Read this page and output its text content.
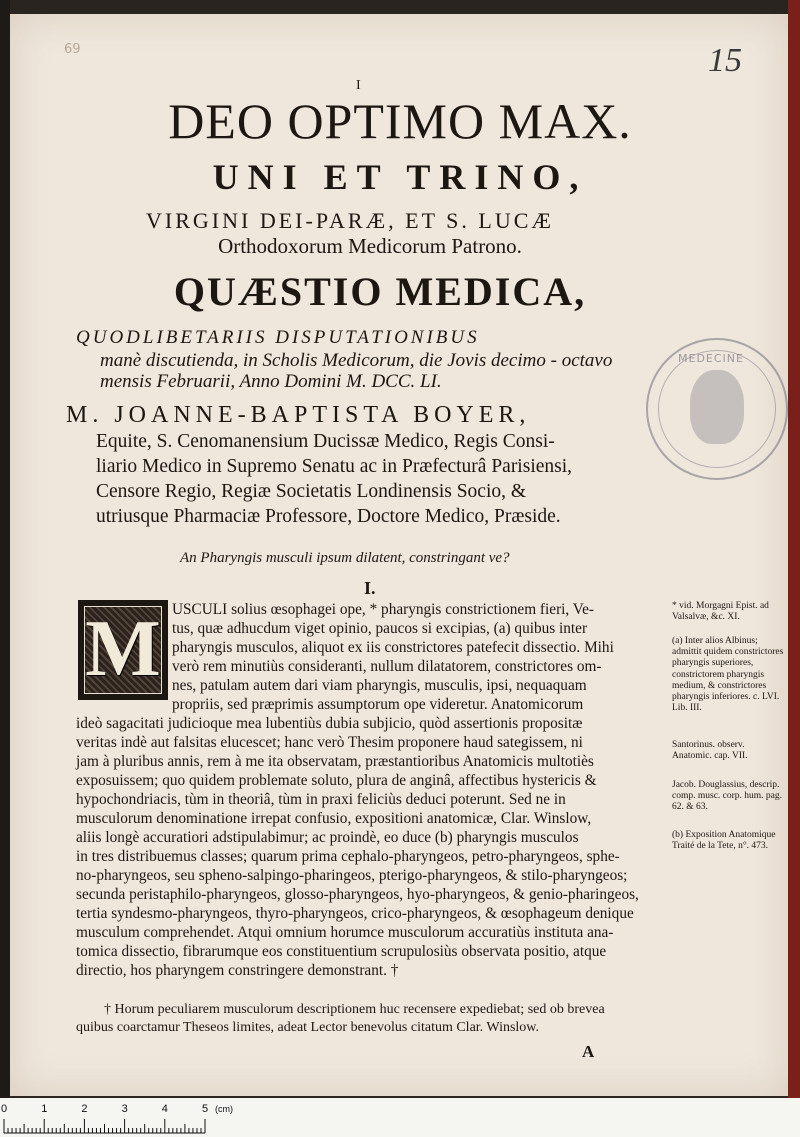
69	15
I
DEO OPTIMO MAX.
UNI ET TRINO,
VIRGINI DEI-PARÆ, ET S. LUCÆ
Orthodoxorum Medicorum Patrono.
QUÆSTIO MEDICA,
QUODLIBETARIIS DISPUTATIONIBUS
manè discutienda, in Scholis Medicorum, die Jovis decimo - octavo
mensis Februarii, Anno Domini M. DCC. LI.
M. JOANNE-BAPTISTA BOYER,
Equite, S. Cenomanensium Ducissæ Medico, Regis Consi-
liario Medico in Supremo Senatu ac in Præfecturâ Parisiensi,
Censore Regio, Regiæ Societatis Londinensis Socio, &
utriusque Pharmaciæ Professore, Doctore Medico, Præside.
An Pharyngis musculi ipsum dilatent, constringant ve?
I.
M
MEDECINE
USCULI solius œsophagei ope, * pharyngis constrictionem fieri, Ve-
tus, quæ adhucdum viget opinio, paucos si excipias, (a) quibus inter
pharyngis musculos, aliquot ex iis constrictores patefecit dissectio. Mihi
verò rem minutiùs consideranti, nullum dilatatorem, constrictores om-
nes, patulam autem dari viam pharyngis, musculis, ipsi, nequaquam
propriis, sed præprimis assumptorum ope videretur. Anatomicorum
ideò sagacitati judicioque mea lubentiùs dubia subjicio, quòd assertionis propositæ
veritas indè aut falsitas elucescet; hanc verò Thesim proponere haud sategissem, ni
jam à pluribus annis, rem à me ita observatam, præstantioribus Anatomicis multotiès
exposuissem; quo quidem problemate soluto, plura de anginâ, affectibus hystericis &
hypochondriacis, tùm in theoriâ, tùm in praxi feliciùs deduci poterunt. Sed ne in
musculorum denominatione irrepat confusio, expositioni anatomicæ, Clar. Winslow,
aliis longè accuratiori adstipulabimur; ac proindè, eo duce (b) pharyngis musculos
in tres distribuemus classes; quarum prima cephalo-pharyngeos, petro-pharyngeos, sphe-
no-pharyngeos, seu spheno-salpingo-pharingeos, pterigo-pharyngeos, & stilo-pharyngeos;
secunda peristaphilo-pharyngeos, glosso-pharyngeos, hyo-pharyngeos, & genio-pharingeos,
tertia syndesmo-pharyngeos, thyro-pharyngeos, crico-pharyngeos, & œsophageum denique
musculum comprehendet. Atqui omnium horumce musculorum accuratiùs instituta ana-
tomica dissectio, fibrarumque eos constituentium scrupulosiùs observata positio, atque
directio, hos pharyngem constringere demonstrant. †
* vid. Morgagni Epist. ad Valsalvæ, &c. XI.
(a) Inter alios Albinus; admittit quidem constrictores pharyngis superiores, constrictorem pharyngis medium, & constrictores pharyngis inferiores. c. LVI. Lib. III.
Santorinus. observ. Anatomic. cap. VII.
Jacob. Douglassius, descrip. comp. musc. corp. hum. pag. 62. & 63.
(b) Exposition Anatomique Traité de la Tete, n°. 473.
† Horum peculiarem musculorum descriptionem huc recensere expediebat; sed ob brevea
quibus coarctamur Theseos limites, adeat Lector benevolus citatum Clar. Winslow.
A
0	1	2	3	4	5 (cm)
